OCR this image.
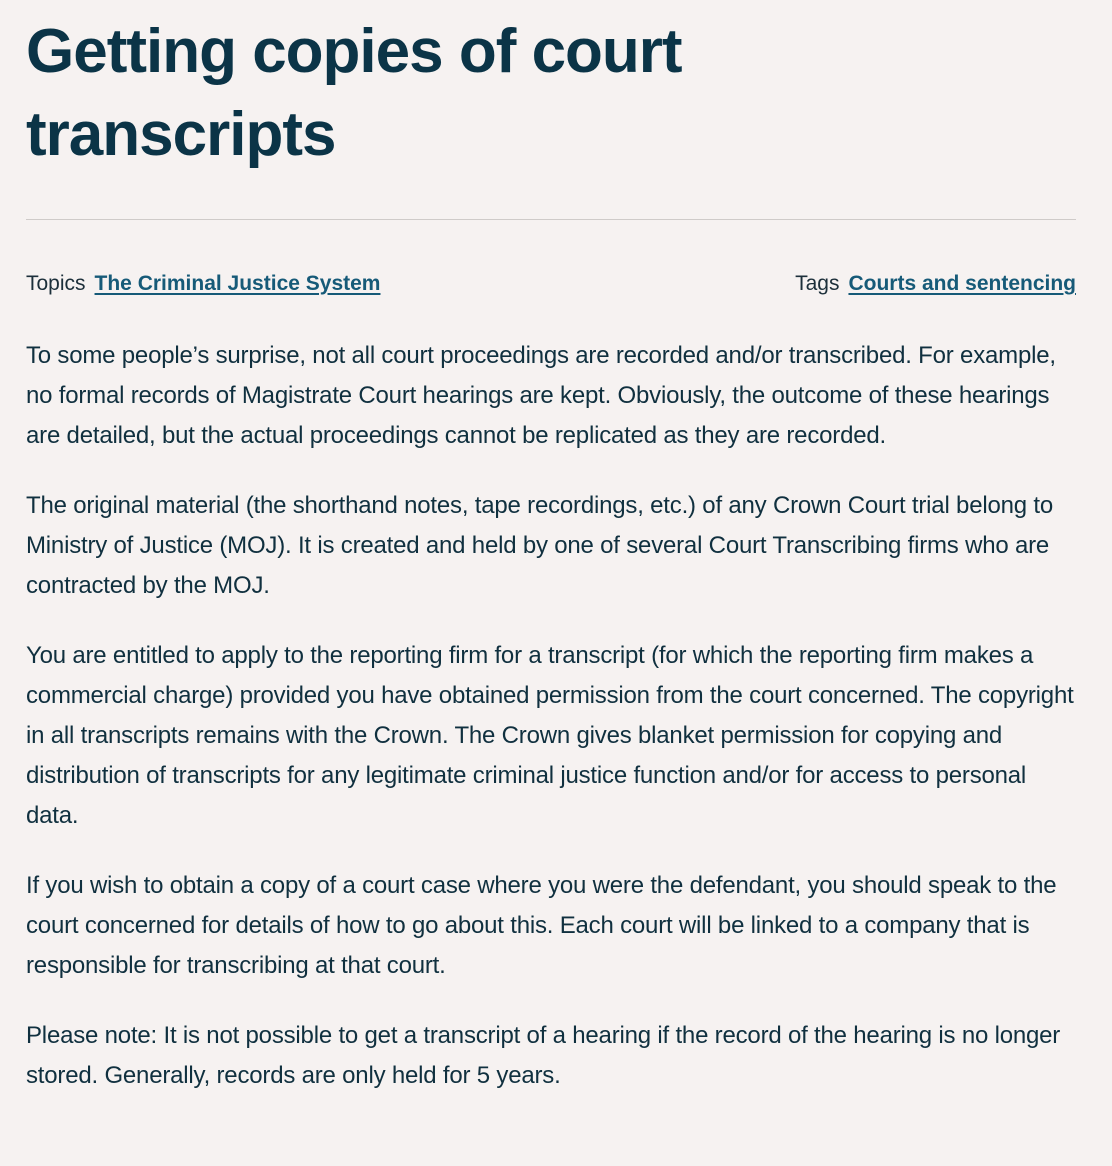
Getting copies of court transcripts
Topics The Criminal Justice System	Tags Courts and sentencing

To some people’s surprise, not all court proceedings are recorded and/or transcribed. For example, no formal records of Magistrate Court hearings are kept. Obviously, the outcome of these hearings are detailed, but the actual proceedings cannot be replicated as they are recorded.

The original material (the shorthand notes, tape recordings, etc.) of any Crown Court trial belong to Ministry of Justice (MOJ). It is created and held by one of several Court Transcribing firms who are contracted by the MOJ.

You are entitled to apply to the reporting firm for a transcript (for which the reporting firm makes a commercial charge) provided you have obtained permission from the court concerned. The copyright in all transcripts remains with the Crown. The Crown gives blanket permission for copying and distribution of transcripts for any legitimate criminal justice function and/or for access to personal data.

If you wish to obtain a copy of a court case where you were the defendant, you should speak to the court concerned for details of how to go about this. Each court will be linked to a company that is responsible for transcribing at that court.

Please note: It is not possible to get a transcript of a hearing if the record of the hearing is no longer stored. Generally, records are only held for 5 years.
